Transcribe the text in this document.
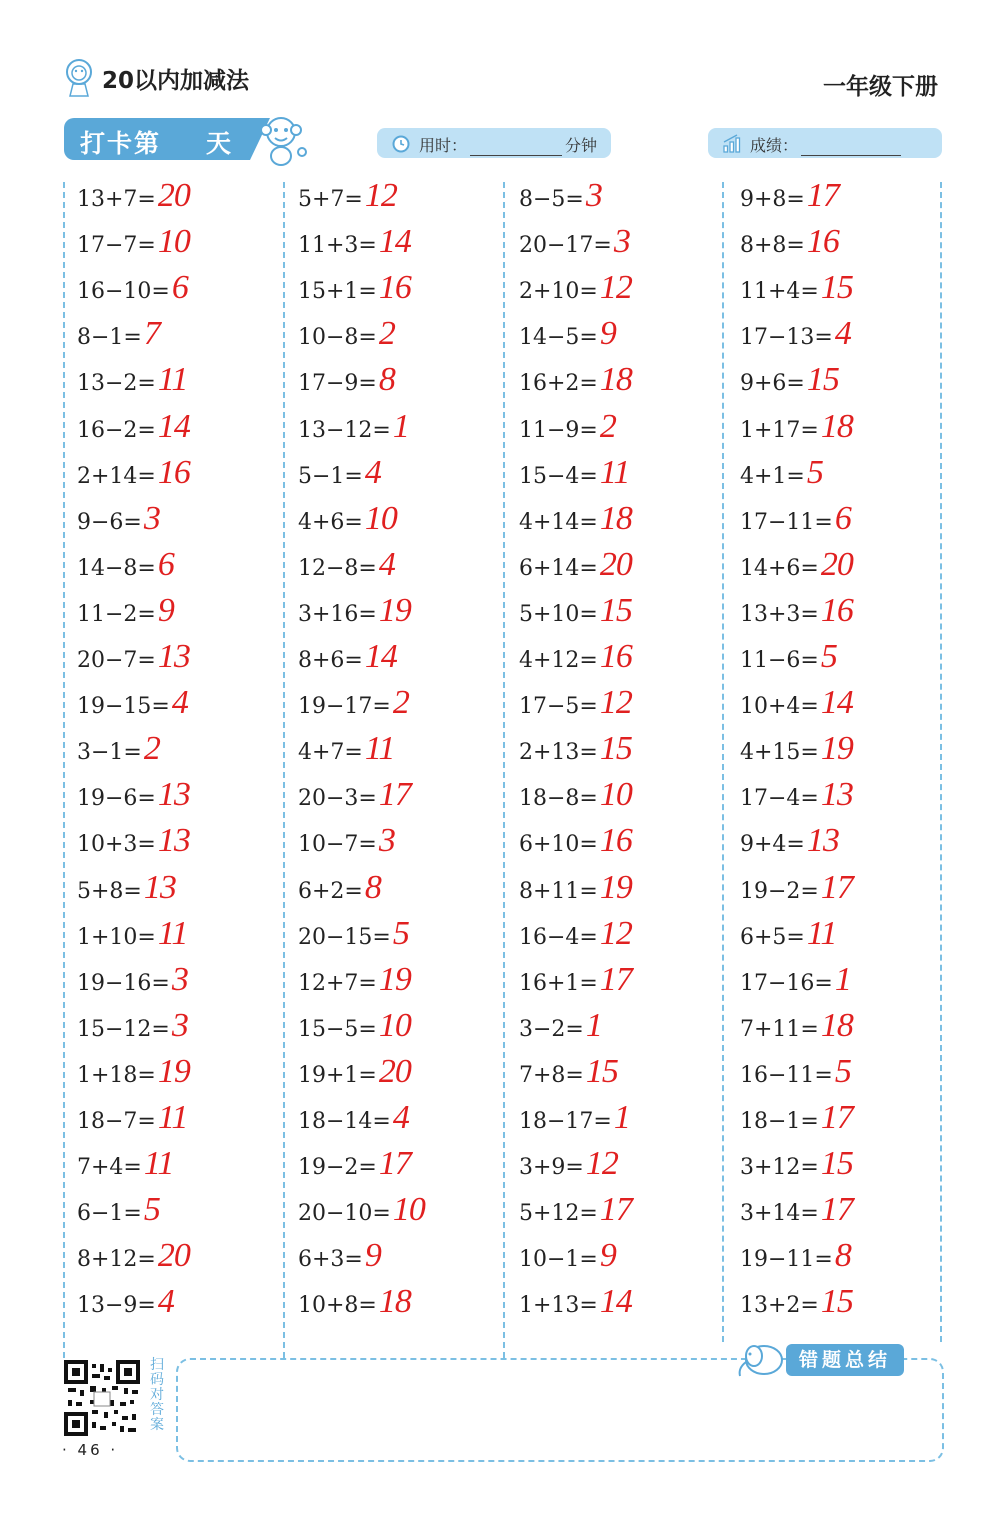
20以内加减法	一年级下册
打卡第 天	用时：	分钟	成绩：
13+7=20
17−7=10
16−10=6
8−1=7
13−2=11
16−2=14
2+14=16
9−6=3
14−8=6
11−2=9
20−7=13
19−15=4
3−1=2
19−6=13
10+3=13
5+8=13
1+10=11
19−16=3
15−12=3
1+18=19
18−7=11
7+4=11
6−1=5
8+12=20
13−9=4
5+7=12
11+3=14
15+1=16
10−8=2
17−9=8
13−12=1
5−1=4
4+6=10
12−8=4
3+16=19
8+6=14
19−17=2
4+7=11
20−3=17
10−7=3
6+2=8
20−15=5
12+7=19
15−5=10
19+1=20
18−14=4
19−2=17
20−10=10
6+3=9
10+8=18
8−5=3
20−17=3
2+10=12
14−5=9
16+2=18
11−9=2
15−4=11
4+14=18
6+14=20
5+10=15
4+12=16
17−5=12
2+13=15
18−8=10
6+10=16
8+11=19
16−4=12
16+1=17
3−2=1
7+8=15
18−17=1
3+9=12
5+12=17
10−1=9
1+13=14
9+8=17
8+8=16
11+4=15
17−13=4
9+6=15
1+17=18
4+1=5
17−11=6
14+6=20
13+3=16
11−6=5
10+4=14
4+15=19
17−4=13
9+4=13
19−2=17
6+5=11
17−16=1
7+11=18
16−11=5
18−1=17
3+12=15
3+14=17
19−11=8
13+2=15
扫码对答案
· 46 ·
错题总结
